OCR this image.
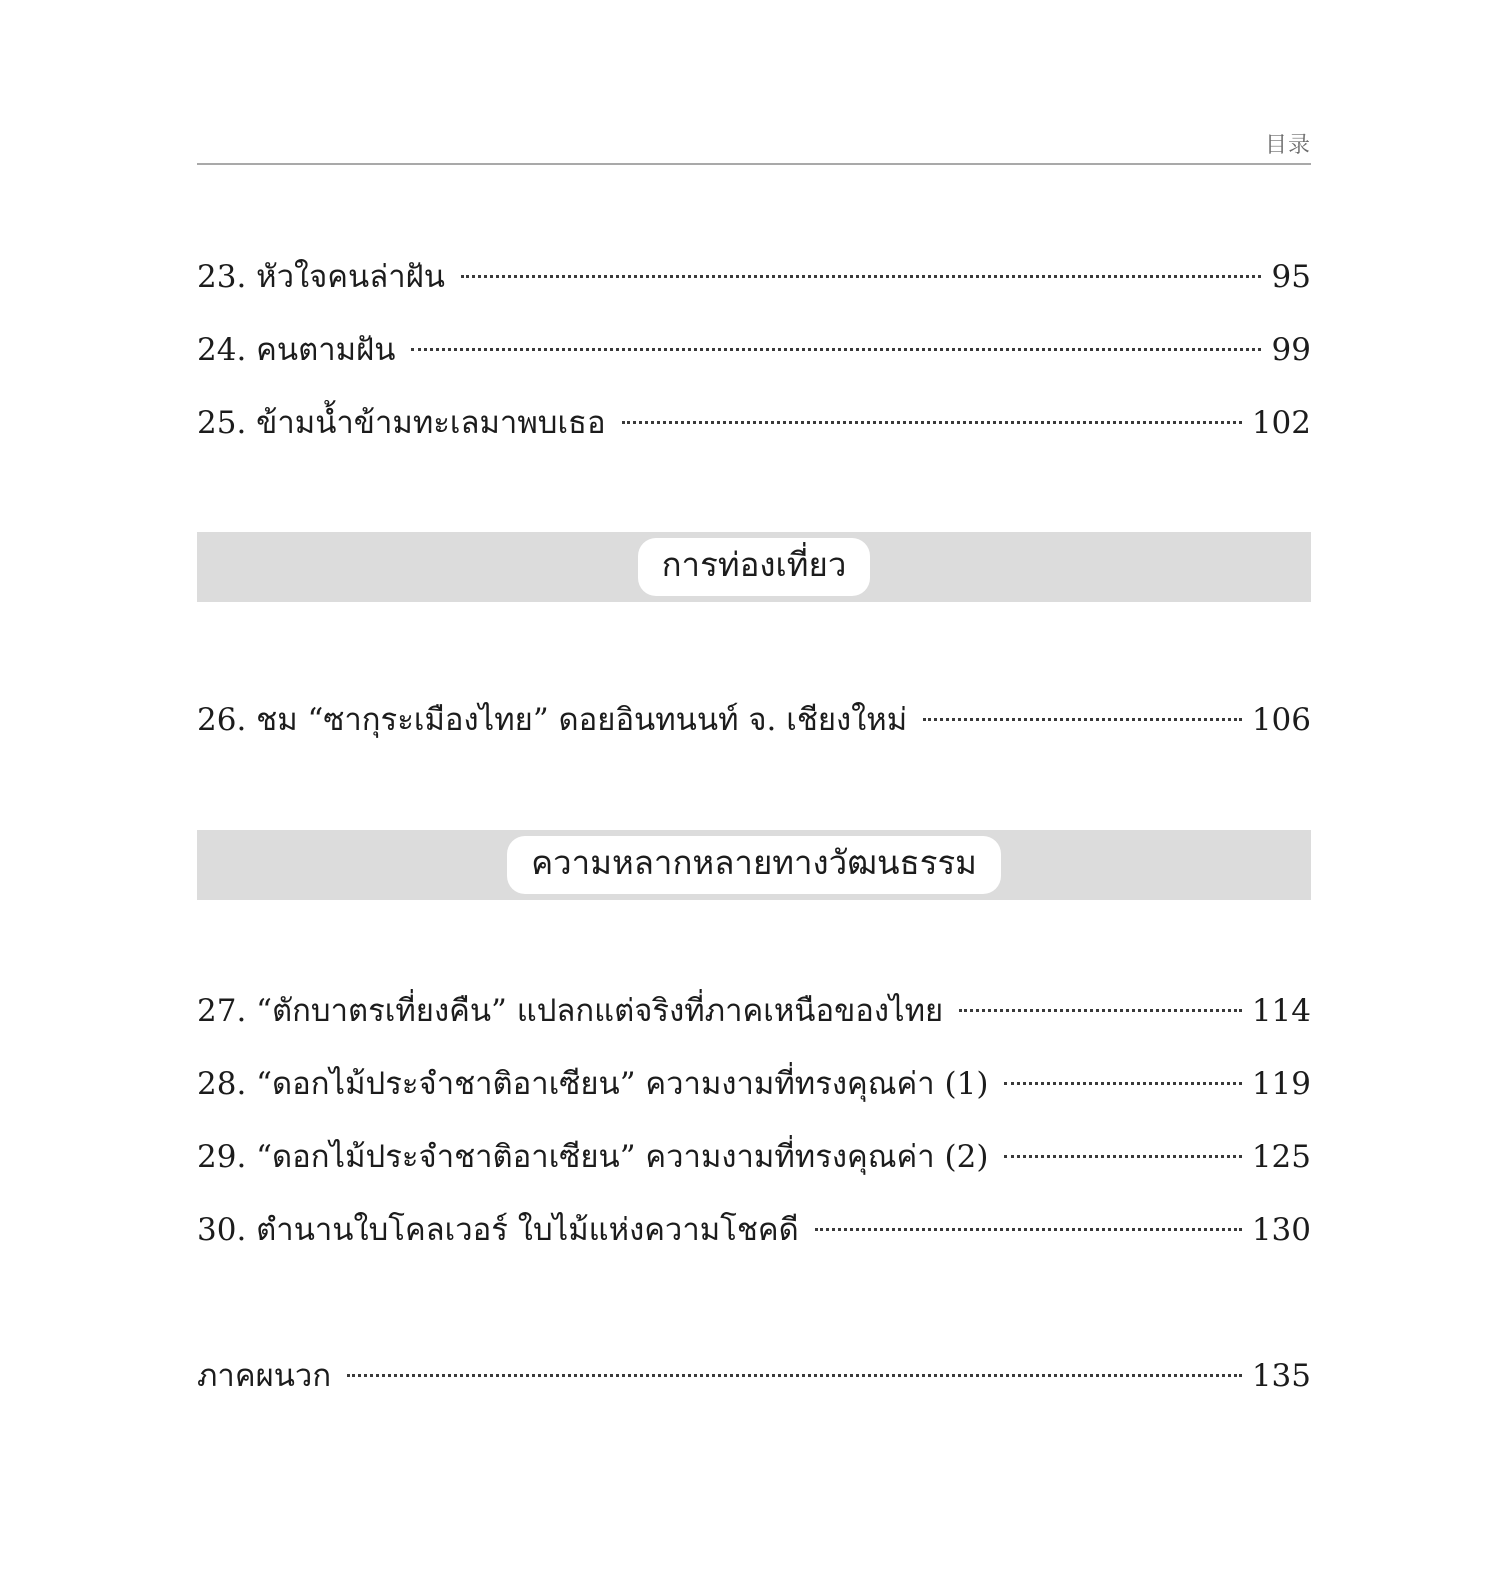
目录
23. หัวใจคนล่าฝัน	95
24. คนตามฝัน	99
25. ข้ามน้ำข้ามทะเลมาพบเธอ	102
การท่องเที่ยว
26. ชม “ซากุระเมืองไทย” ดอยอินทนนท์ จ. เชียงใหม่	106
ความหลากหลายทางวัฒนธรรม
27. “ตักบาตรเที่ยงคืน” แปลกแต่จริงที่ภาคเหนือของไทย	114
28. “ดอกไม้ประจำชาติอาเซียน” ความงามที่ทรงคุณค่า (1)	119
29. “ดอกไม้ประจำชาติอาเซียน” ความงามที่ทรงคุณค่า (2)	125
30. ตำนานใบโคลเวอร์ ใบไม้แห่งความโชคดี	130
ภาคผนวก	135
